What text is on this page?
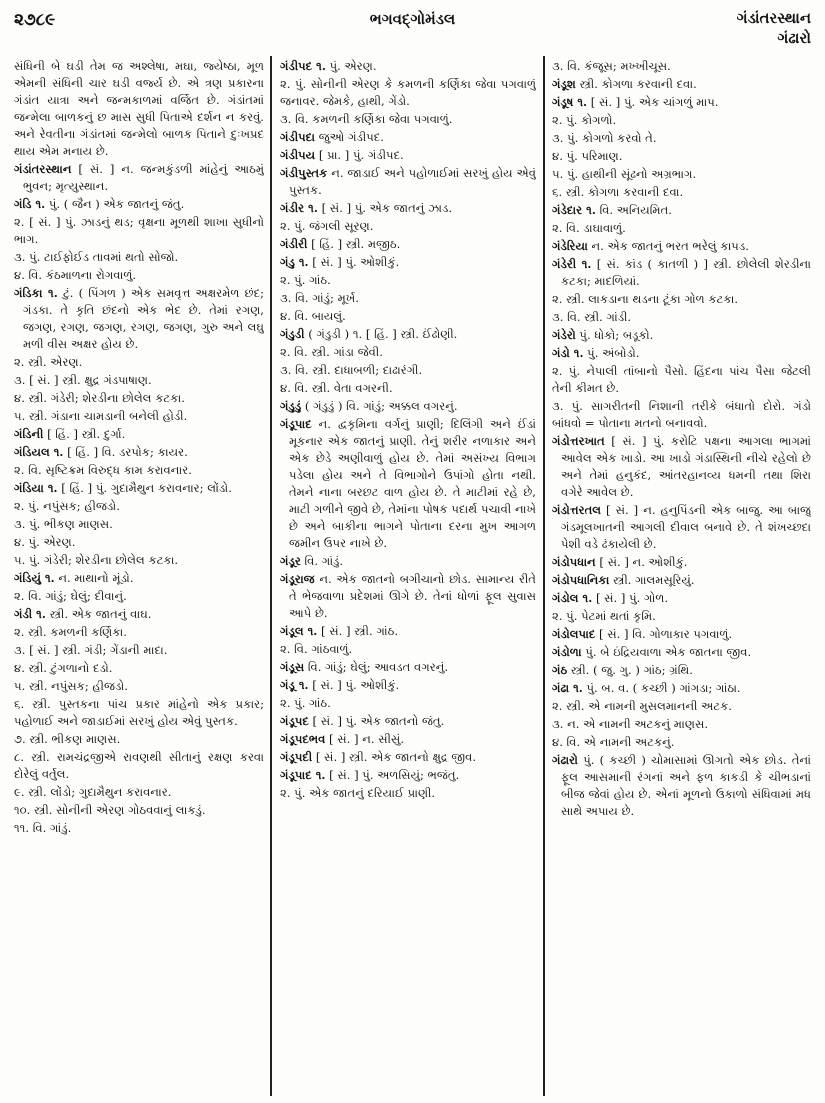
૨૭૮૯	ભગવદ્ગોમંડલ	ગંડાંતરસ્થાન
ગંઢારો

સંધિની બે ઘડી તેમ જ અશ્લેષા, મઘા, જ્યેષ્ઠા, મૂળ એમની સંધિની ચાર ઘડી વર્જ્ય છે. એ ત્રણ પ્રકારના ગંડાંત યાત્રા અને જન્મકાળમાં વર્જિત છે. ગંડાંતમાં જન્મેલા બાળકનું છ માસ સુધી પિતાએ દર્શન ન કરવું. અને રેવતીના ગંડાંતમાં જન્મેલો બાળક પિતાને દુઃખપ્રદ થાય એમ મનાય છે.

ગંડાંતરસ્થાન [ સં. ] ન. જન્મકુંડળી માંહેનું આઠમું ભુવન; મૃત્યુસ્થાન.

ગંડિ ૧. પું. ( જૈન ) એક જાતનું જંતુ.

૨. [ સં. ] પું. ઝાડનું થડ; વૃક્ષના મૂળથી શાખા સુધીનો ભાગ.

૩. પું. ટાઈફોઈડ તાવમાં થતો સોજો.

૪. વિ. કંઠમાળના રોગવાળું.

ગંડિકા ૧. ટું. ( પિંગળ ) એક સમવૃત્ત અક્ષરમેળ છંદ; ગંડકા. તે કૃતિ છંદનો એક ભેદ છે. તેમાં રગણ, જગણ, રગણ, જગણ, રગણ, જગણ, ગુરુ અને લઘુ મળી વીસ અક્ષર હોય છે.

૨. સ્ત્રી. એરણ.

૩. [ સં. ] સ્ત્રી. ક્ષુદ્ર ગંડપાષાણ.

૪. સ્ત્રી. ગંડેરી; શેરડીના છોલેલ કટકા.

૫. સ્ત્રી. ગંડાના ચામડાની બનેલી હોડી.

ગંડિની [ હિં. ] સ્ત્રી. દુર્ગા.

ગંડિયલ ૧. [ હિં. ] વિ. ડરપોક; કાયર.

૨. વિ. સૃષ્ટિક્રમ વિરુદ્ધ કામ કરાવનાર.

ગંડિયા ૧. [ હિં. ] પું. ગુદામૈથુન કરાવનાર; લોંડો.

૨. પું. નપુંસક; હીજડો.

૩. પું. ભીકણ માણસ.

૪. પું. એરણ.

૫. પું. ગંડેરી; શેરડીના છોલેલ કટકા.

ગંડિયું ૧. ન. માથાનો મૂંડો.

૨. વિ. ગાંડું; ઘેલું; દીવાનું.

ગંડી ૧. સ્ત્રી. એક જાતનું વાઘ.

૨. સ્ત્રી. કમળની કર્ણિકા.

૩. [ સં. ] સ્ત્રી. ગંડી; ગેંડાની માદા.

૪. સ્ત્રી. ટુંગળાનો દડો.

૫. સ્ત્રી. નપુંસક; હીજડો.

૬. સ્ત્રી. પુસ્તકના પાંચ પ્રકાર માંહેનો એક પ્રકાર; પહોળાઈ અને જાડાઈમાં સરખું હોય એવું પુસ્તક.

૭. સ્ત્રી. ભીકણ માણસ.

૮. સ્ત્રી. રામચંદ્રજીએ રાવણથી સીતાનું રક્ષણ કરવા દોરેલું વર્તુલ.

૯. સ્ત્રી. લોંડો; ગુદામૈથુન કરાવનાર.

૧૦. સ્ત્રી. સોનીની એરણ ગોઠવવાનું લાકડું.

૧૧. વિ. ગાંડું.

ગંડીપદ ૧. પું. એરણ.

૨. પું. સોનીની એરણ કે કમળની કર્ણિકા જેવા પગવાળું જનાવર. જેમકે, હાથી, ગેંડો.

૩. વિ. કમળની કર્ણિકા જેવા પગવાળું.

ગંડીપદા જુઓ ગંડીપદ.

ગંડીપય [ પ્રા. ] પું. ગંડીપદ.

ગંડીપુસ્તક ન. જાડાઈ અને પહોળાઈમાં સરખું હોય એવું પુસ્તક.

ગંડીર ૧. [ સં. ] પું. એક જાતનું ઝાડ.

૨. પું. જંગલી સૂરણ.

ગંડીરી [ હિં. ] સ્ત્રી. મજીઠ.

ગંડુ ૧. [ સં. ] પું. ઓશીકું.

૨. પું. ગાંઠ.

૩. વિ. ગાંડું; મૂર્ખ.

૪. વિ. બાયલું.

ગંડુડી ( ગંડુડી ) ૧. [ હિં. ] સ્ત્રી. ઈંઢોણી.

૨. વિ. સ્ત્રી. ગાંડા જેવી.

૩. વિ. સ્ત્રી. દાધાબળી; દાઢારંગી.

૪. વિ. સ્ત્રી. વેતા વગરની.

ગંડુડું ( ગંડુડું ) વિ. ગાંડું; અક્કલ વગરનું.

ગંડૂપાદ ન. દ્વકૃમિના વર્ગનું પ્રાણી; દિલિંગી અને ઈંડાં મૂકનાર એક જાતનું પ્રાણી. તેનું શરીર નળાકાર અને એક છેડે અણીવાળું હોય છે. તેમાં અસંખ્ય વિભાગ પડેલા હોય અને તે વિભાગોને ઉપાંગો હોતા નથી. તેમને નાના બરછટ વાળ હોય છે. તે માટીમાં રહે છે, માટી ગળીને જીવે છે, તેમાંના પોષક પદાર્થ પચાવી નાખે છે અને બાકીના ભાગને પોતાના દરના મુખ આગળ જમીન ઉપર નાખે છે.

ગંડૂર વિ. ગાંડું.

ગંડૂરાજ ન. એક જાતનો બગીચાનો છોડ. સામાન્ય રીતે તે ભેજવાળા પ્રદેશમાં ઊગે છે. તેનાં ધોળાં ફૂલ સુવાસ આપે છે.

ગંડૂલ ૧. [ સં. ] સ્ત્રી. ગાંઠ.

૨. વિ. ગાંઠવાળું.

ગંડૂસ વિ. ગાંડું; ઘેલું; આવડત વગરનું.

ગંડૂ ૧. [ સં. ] પું. ઓશીકું.

૨. પું. ગાંઠ.

ગંડૂપદ [ સં. ] પું. એક જાતનો જંતુ.

ગંડૂપદભવ [ સં. ] ન. સીસું.

ગંડૂપદી [ સં. ] સ્ત્રી. એક જાતનો ક્ષુદ્ર જીવ.

ગંડૂપાદ ૧. [ સં. ] પું. અળસિયું; ભજંતુ.

૨. પું. એક જાતનું દરિયાઈ પ્રાણી.

૩. વિ. કંજૂસ; મખ્ખીચૂસ.

ગંડૂશ સ્ત્રી. કોગળા કરવાની દવા.

ગંડૂષ ૧. [ સં. ] પું. એક ચાંગળું માપ.

૨. પું. કોગળો.

૩. પું. કોગળો કરવો તે.

૪. પું. પરિમાણ.

૫. પું. હાથીની સૂંઢનો અગ્રભાગ.

૬. સ્ત્રી. કોગળા કરવાની દવા.

ગંડેદાર ૧. વિ. અનિયમિત.

૨. વિ. ડાઘાવાળું.

ગંડેરિયા ન. એક જાતનું ભરત ભરેલું કાપડ.

ગંડેરી ૧. [ સં. કાંડ ( કાતળી ) ] સ્ત્રી. છોલેલી શેરડીના કટકા; માદળિયાં.

૨. સ્ત્રી. લાકડાના થડના ટૂંકા ગોળ કટકા.

૩. વિ. સ્ત્રી. ગાંડી.

ગંડેરો પું. ધોકો; બડૂકો.

ગંડો ૧. પું. અંબોડો.

૨. પું. નેપાલી તાંબાનો પૈસો. હિંદના પાંચ પૈસા જેટલી તેની કીમત છે.

૩. પું. સાગરીતની નિશાની તરીકે બંધાતો દોરો. ગંડો બાંધવો = પોતાના મતનો બનાવવો.

ગંડોત્તરખાત [ સં. ] પું. કરોટિ પક્ષના આગલા ભાગમાં આવેલ એક ખાડો. આ ખાડો ગંડાસ્થિની નીચે રહેલો છે અને તેમાં હનુકંદ, આંતરહાનવ્ય ધમની તથા શિરા વગેરે આવેલ છે.

ગંડોત્તરતલ [ સં. ] ન. હનુપિંડની એક બાજુ. આ બાજુ ગંડમૂલખાતની આગલી દીવાલ બનાવે છે. તે શંખચ્છદા પેશી વડે ઢંકાયેલી છે.

ગંડોપધાન [ સં. ] ન. ઓશીકું.

ગંડોપધાનિકા સ્ત્રી. ગાલમસૂરિયું.

ગંડોલ ૧. [ સં. ] પું. ગોળ.

૨. પું. પેટમાં થતાં કૃમિ.

ગંડોલપાદ [ સં. ] વિ. ગોળાકાર પગવાળું.

ગંડોળા પું. બે ઇંદ્રિયવાળા એક જાતના જીવ.

ગંઠ સ્ત્રી. ( જુ. ગુ. ) ગાંઠ; ગ્રંથિ.

ગંઢા ૧. પું. બ. વ. ( કચ્છી ) ગાંગડા; ગાંઠા.

૨. સ્ત્રી. એ નામની મુસલમાનની અટક.

૩. ન. એ નામની અટકનું માણસ.

૪. વિ. એ નામની અટકનું.

ગંઢારો પું. ( કચ્છી ) ચોમાસામાં ઊગતો એક છોડ. તેનાં ફૂલ આસમાની રંગનાં અને ફળ કાકડી કે ચીભડાનાં બીજ જેવાં હોય છે. એનાં મૂળનો ઉકાળો સંધિવામાં મધ સાથે અપાય છે.
